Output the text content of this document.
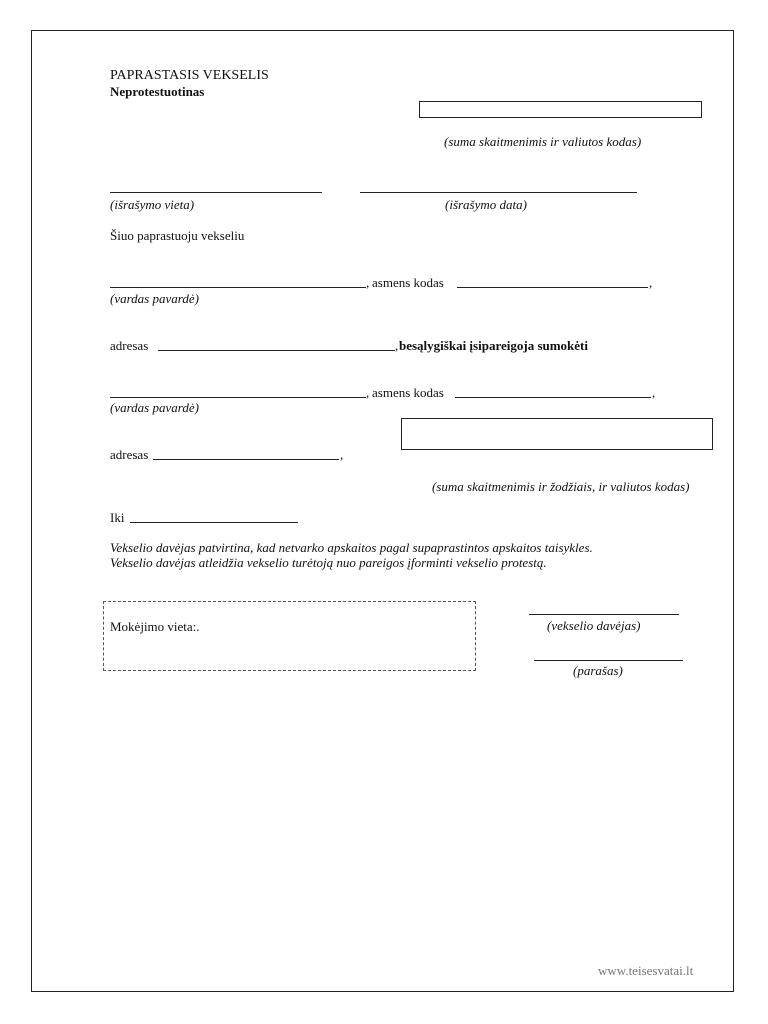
PAPRASTASIS VEKSELIS
Neprotestuotinas
(suma skaitmenimis ir valiutos kodas)
(išrašymo vieta)	(išrašymo data)
Šiuo paprastuoju vekseliu
, asmens kodas	,
(vardas pavardė)
adresas	, besąlygiškai įsipareigoja sumokėti
, asmens kodas	,
(vardas pavardė)
adresas	,
(suma skaitmenimis ir žodžiais, ir valiutos kodas)
Iki
Vekselio davėjas patvirtina, kad netvarko apskaitos pagal supaprastintos apskaitos taisykles.
Vekselio davėjas atleidžia vekselio turėtoją nuo pareigos įforminti vekselio protestą.
Mokėjimo vieta:.	(vekselio davėjas)
(parašas)
www.teisesvatai.lt
